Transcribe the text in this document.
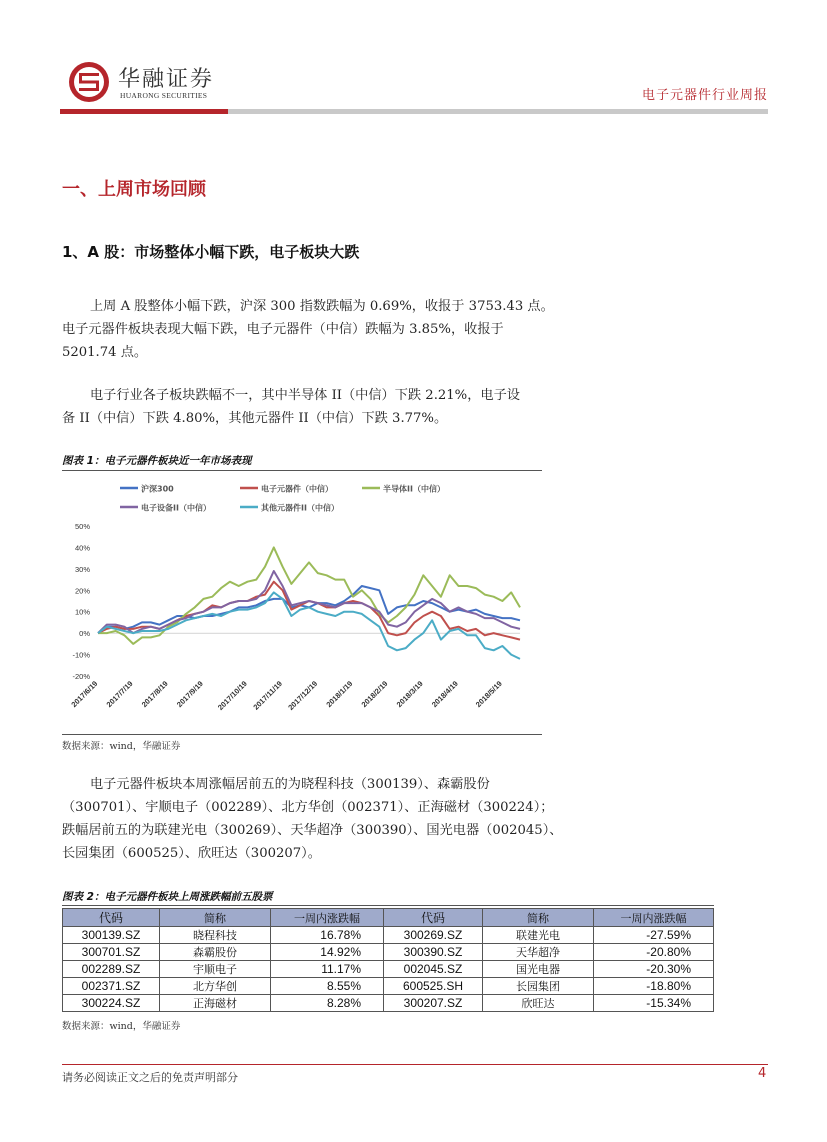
华融证券
HUARONG SECURITIES	电子元器件行业周报
一、上周市场回顾
1、A 股：市场整体小幅下跌，电子板块大跌

上周 A 股整体小幅下跌，沪深 300 指数跌幅为 0.69%，收报于 3753.43 点。

电子元器件板块表现大幅下跌，电子元器件（中信）跌幅为 3.85%，收报于

5201.74 点。

电子行业各子板块跌幅不一，其中半导体 II（中信）下跌 2.21%，电子设

备 II（中信）下跌 4.80%，其他元器件 II（中信）下跌 3.77%。

图表 1：电子元器件板块近一年市场表现
沪深300	电子元器件（中信）	半导体II（中信）
电子设备II（中信）	其他元器件II（中信）
50%
40%
30%
20%
10%
0%
-10%
-20%
2017/6/19 2017/7/19 2017/8/19 2017/9/19 2017/10/19 2017/11/19 2017/12/19 2018/1/19 2018/2/19 2018/3/19 2018/4/19 2018/5/19
数据来源：wind，华融证券

电子元器件板块本周涨幅居前五的为晓程科技（300139）、森霸股份

（300701）、宇顺电子（002289）、北方华创（002371）、正海磁材（300224）；

跌幅居前五的为联建光电（300269）、天华超净（300390）、国光电器（002045）、

长园集团（600525）、欣旺达（300207）。

图表 2：电子元器件板块上周涨跌幅前五股票
代码	简称	一周内涨跌幅	代码	简称	一周内涨跌幅
300139.SZ	晓程科技	16.78%	300269.SZ	联建光电	-27.59%
300701.SZ	森霸股份	14.92%	300390.SZ	天华超净	-20.80%
002289.SZ	宇顺电子	11.17%	002045.SZ	国光电器	-20.30%
002371.SZ	北方华创	8.55%	600525.SH	长园集团	-18.80%
300224.SZ	正海磁材	8.28%	300207.SZ	欣旺达	-15.34%
数据来源：wind，华融证券
请务必阅读正文之后的免责声明部分	4
